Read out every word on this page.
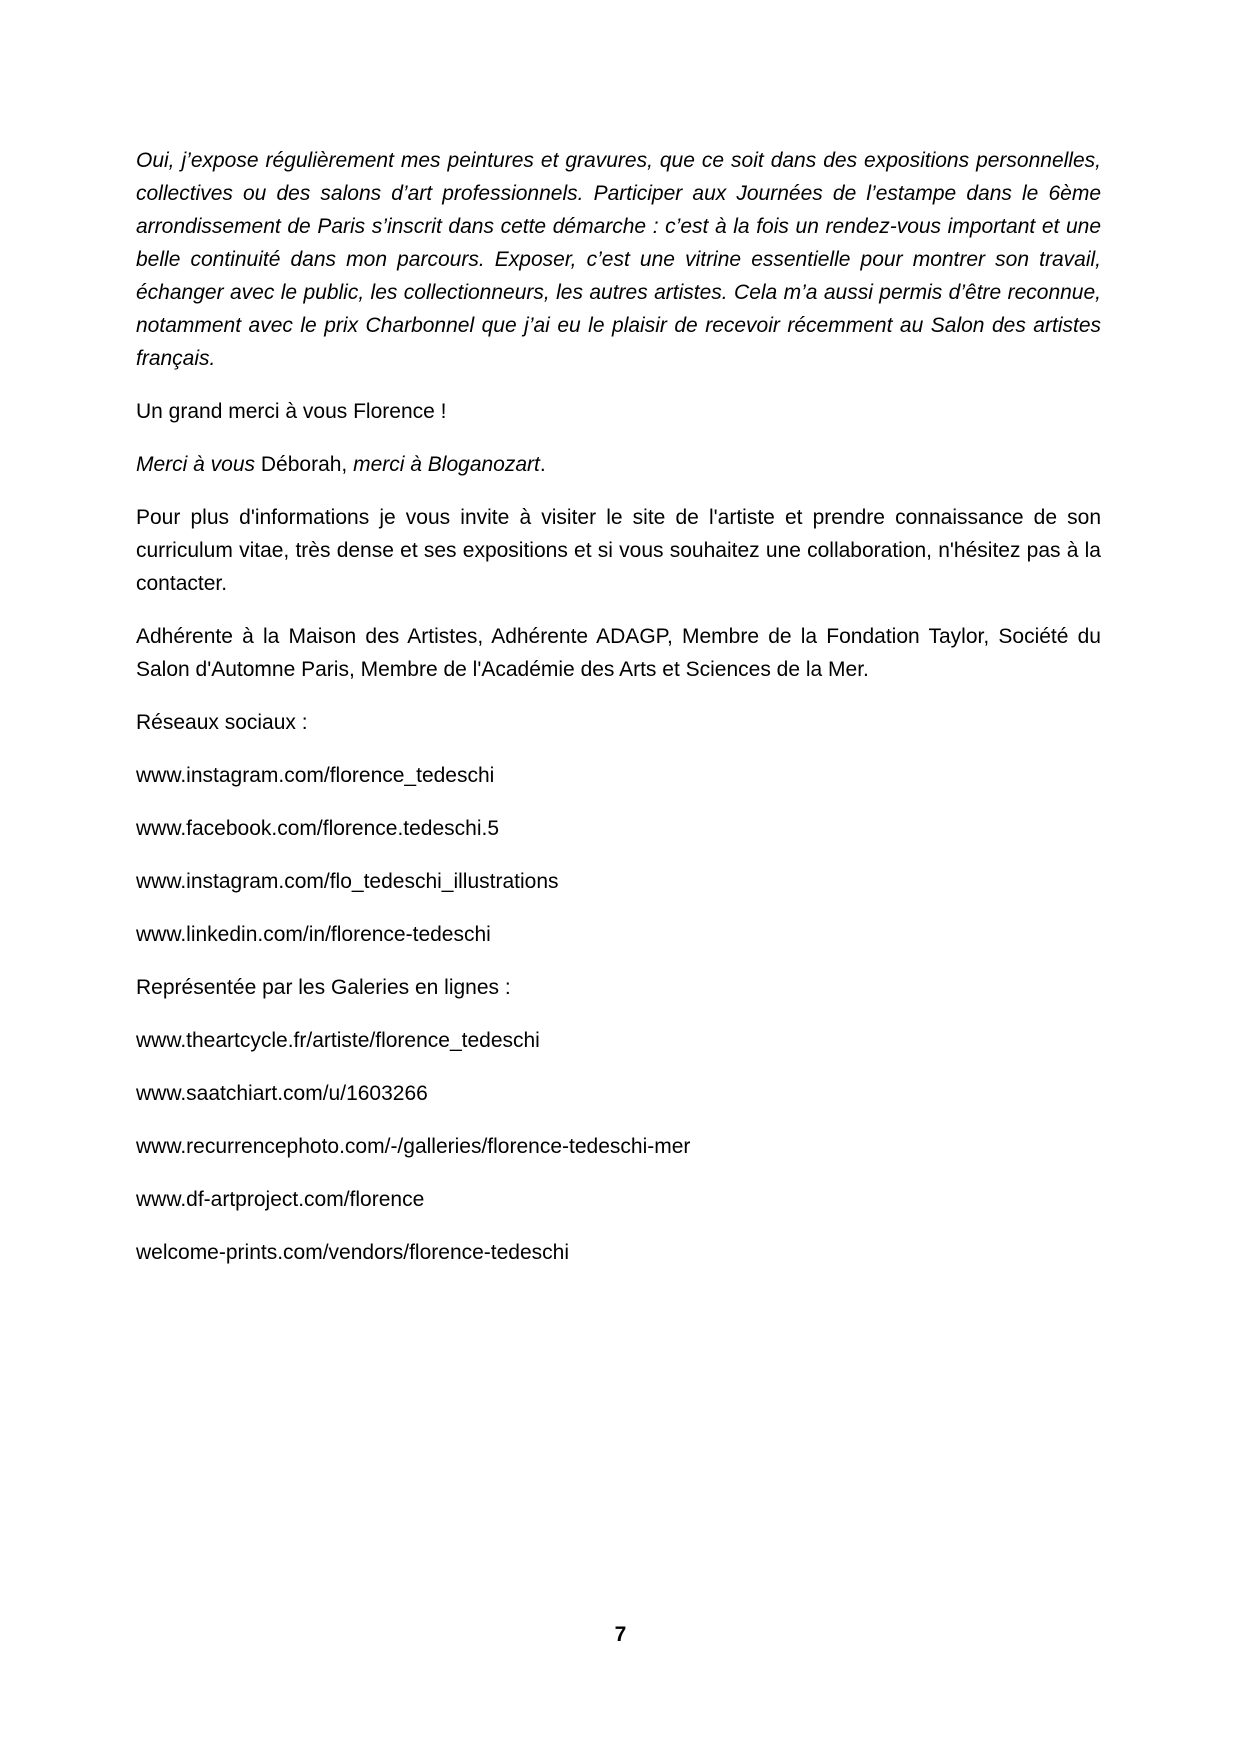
Oui, j’expose régulièrement mes peintures et gravures, que ce soit dans des expositions personnelles, collectives ou des salons d’art professionnels. Participer aux Journées de l’estampe dans le 6ème arrondissement de Paris s’inscrit dans cette démarche : c’est à la fois un rendez-vous important et une belle continuité dans mon parcours. Exposer, c’est une vitrine essentielle pour montrer son travail, échanger avec le public, les collectionneurs, les autres artistes. Cela m’a aussi permis d’être reconnue, notamment avec le prix Charbonnel que j’ai eu le plaisir de recevoir récemment au Salon des artistes français.

Un grand merci à vous Florence !

Merci à vous Déborah, merci à Bloganozart.

Pour plus d'informations je vous invite à visiter le site de l'artiste et prendre connaissance de son curriculum vitae, très dense et ses expositions et si vous souhaitez une collaboration, n'hésitez pas à la contacter.

Adhérente à la Maison des Artistes, Adhérente ADAGP, Membre de la Fondation Taylor, Société du Salon d'Automne Paris, Membre de l'Académie des Arts et Sciences de la Mer.

Réseaux sociaux :

www.instagram.com/florence_tedeschi

www.facebook.com/florence.tedeschi.5

www.instagram.com/flo_tedeschi_illustrations

www.linkedin.com/in/florence-tedeschi

Représentée par les Galeries en lignes :

www.theartcycle.fr/artiste/florence_tedeschi

www.saatchiart.com/u/1603266

www.recurrencephoto.com/-/galleries/florence-tedeschi-mer

www.df-artproject.com/florence

welcome-prints.com/vendors/florence-tedeschi

7
